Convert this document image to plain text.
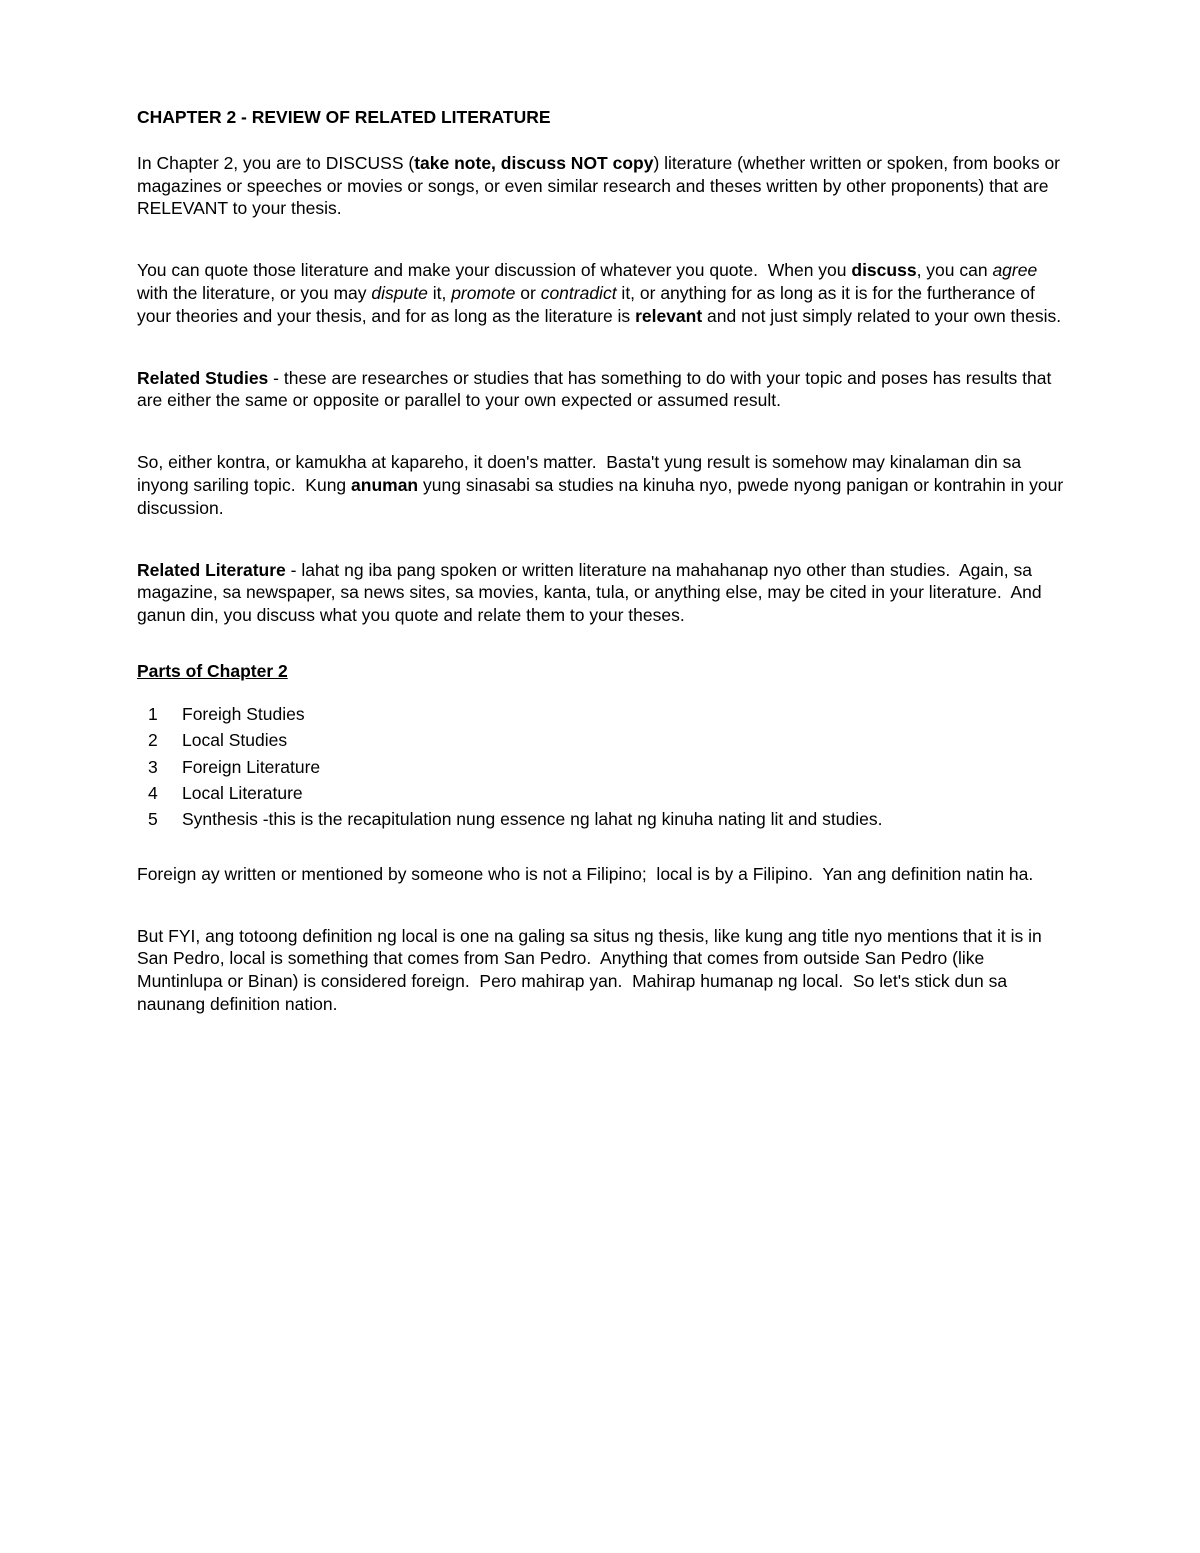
CHAPTER 2 - REVIEW OF RELATED LITERATURE

In Chapter 2, you are to DISCUSS (take note, discuss NOT copy) literature (whether written or spoken, from books or magazines or speeches or movies or songs, or even similar research and theses written by other proponents) that are RELEVANT to your thesis.

You can quote those literature and make your discussion of whatever you quote.  When you discuss, you can agree with the literature, or you may dispute it, promote or contradict it, or anything for as long as it is for the furtherance of your theories and your thesis, and for as long as the literature is relevant and not just simply related to your own thesis.

Related Studies - these are researches or studies that has something to do with your topic and poses has results that are either the same or opposite or parallel to your own expected or assumed result.

So, either kontra, or kamukha at kapareho, it doen's matter.  Basta't yung result is somehow may kinalaman din sa inyong sariling topic.  Kung anuman yung sinasabi sa studies na kinuha nyo, pwede nyong panigan or kontrahin in your discussion.

Related Literature - lahat ng iba pang spoken or written literature na mahahanap nyo other than studies.  Again, sa magazine, sa newspaper, sa news sites, sa movies, kanta, tula, or anything else, may be cited in your literature.  And ganun din, you discuss what you quote and relate them to your theses.

Parts of Chapter 2

1	Foreigh Studies
2	Local Studies
3	Foreign Literature
4	Local Literature
5	Synthesis -this is the recapitulation nung essence ng lahat ng kinuha nating lit and studies.

Foreign ay written or mentioned by someone who is not a Filipino;  local is by a Filipino.  Yan ang definition natin ha.

But FYI, ang totoong definition ng local is one na galing sa situs ng thesis, like kung ang title nyo mentions that it is in San Pedro, local is something that comes from San Pedro.  Anything that comes from outside San Pedro (like Muntinlupa or Binan) is considered foreign.  Pero mahirap yan.  Mahirap humanap ng local.  So let's stick dun sa naunang definition nation.
